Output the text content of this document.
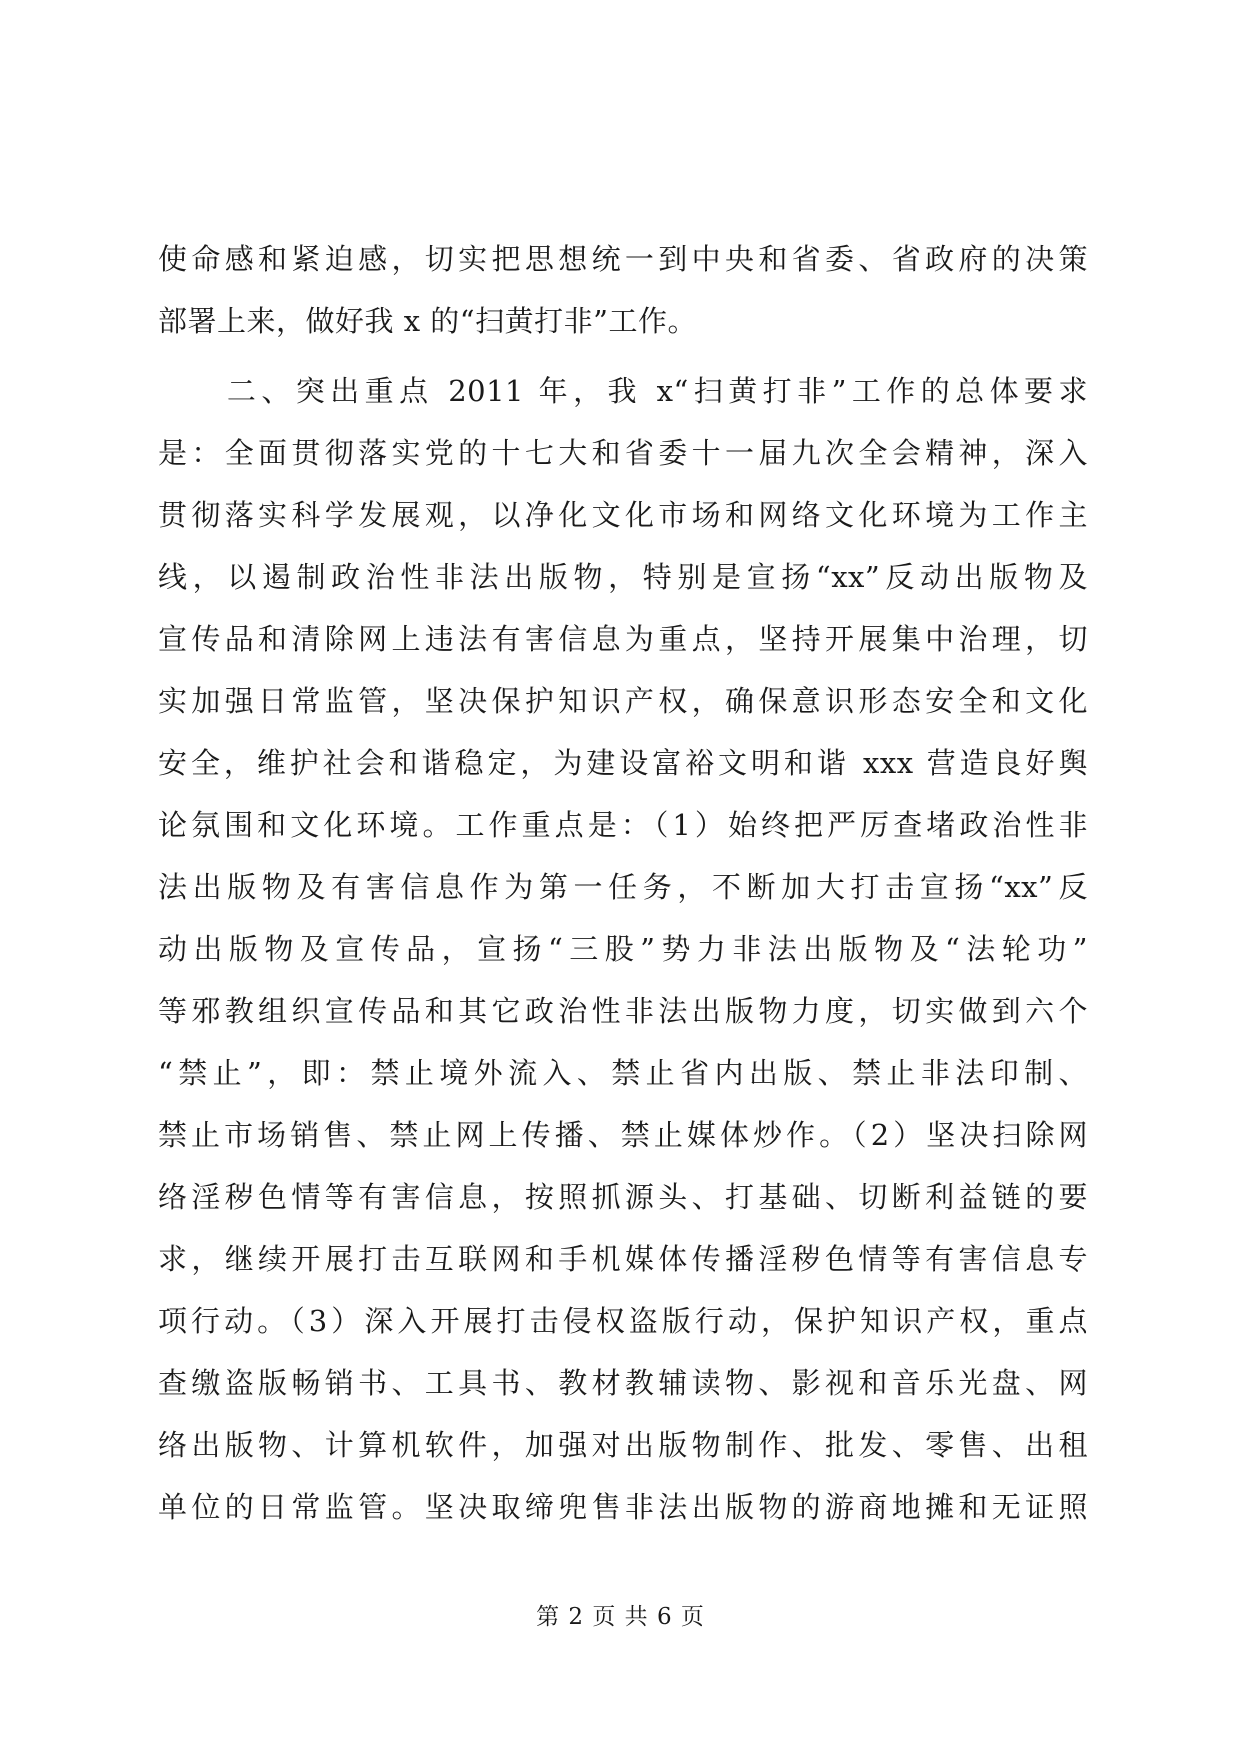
使命感和紧迫感，切实把思想统一到中央和省委、省政府的决策
部署上来，做好我 x 的“扫黄打非”工作。
　　二、突出重点 2011 年，我 x“扫黄打非”工作的总体要求
是：全面贯彻落实党的十七大和省委十一届九次全会精神，深入
贯彻落实科学发展观，以净化文化市场和网络文化环境为工作主
线，以遏制政治性非法出版物，特别是宣扬“xx”反动出版物及
宣传品和清除网上违法有害信息为重点，坚持开展集中治理，切
实加强日常监管，坚决保护知识产权，确保意识形态安全和文化
安全，维护社会和谐稳定，为建设富裕文明和谐 xxx 营造良好舆
论氛围和文化环境。工作重点是：（1）始终把严厉查堵政治性非
法出版物及有害信息作为第一任务，不断加大打击宣扬“xx”反
动出版物及宣传品，宣扬“三股”势力非法出版物及“法轮功”
等邪教组织宣传品和其它政治性非法出版物力度，切实做到六个
“禁止”，即：禁止境外流入、禁止省内出版、禁止非法印制、
禁止市场销售、禁止网上传播、禁止媒体炒作。（2）坚决扫除网
络淫秽色情等有害信息，按照抓源头、打基础、切断利益链的要
求，继续开展打击互联网和手机媒体传播淫秽色情等有害信息专
项行动。（3）深入开展打击侵权盗版行动，保护知识产权，重点
查缴盗版畅销书、工具书、教材教辅读物、影视和音乐光盘、网
络出版物、计算机软件，加强对出版物制作、批发、零售、出租
单位的日常监管。坚决取缔兜售非法出版物的游商地摊和无证照
第 2 页 共 6 页
